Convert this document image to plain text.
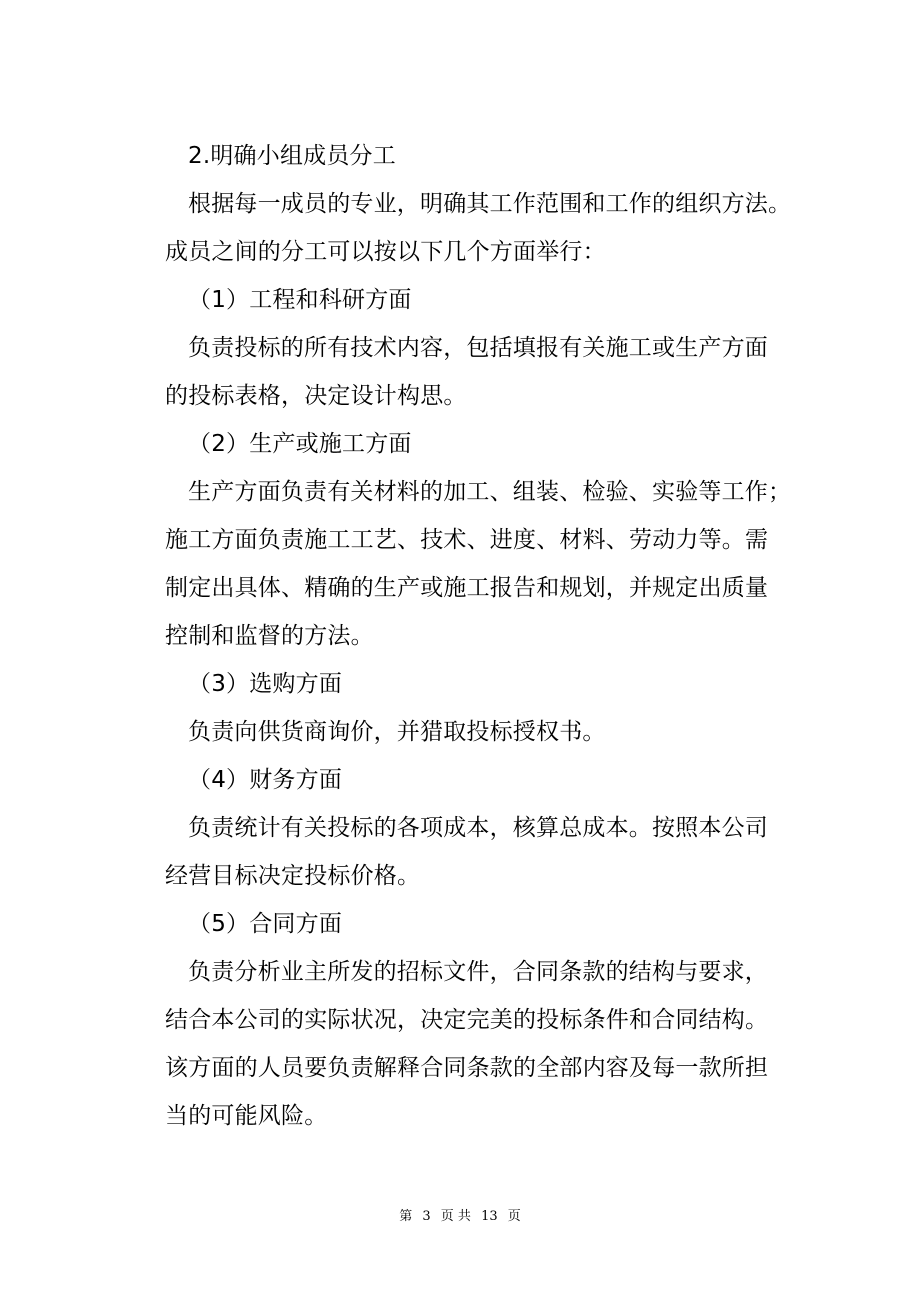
2.明确小组成员分工
根据每一成员的专业，明确其工作范围和工作的组织方法。
成员之间的分工可以按以下几个方面举行：
（1）工程和科研方面
负责投标的所有技术内容，包括填报有关施工或生产方面
的投标表格，决定设计构思。
（2）生产或施工方面
生产方面负责有关材料的加工、组装、检验、实验等工作；
施工方面负责施工工艺、技术、进度、材料、劳动力等。需
制定出具体、精确的生产或施工报告和规划，并规定出质量
控制和监督的方法。
（3）选购方面
负责向供货商询价，并猎取投标授权书。
（4）财务方面
负责统计有关投标的各项成本，核算总成本。按照本公司
经营目标决定投标价格。
（5）合同方面
负责分析业主所发的招标文件，合同条款的结构与要求，
结合本公司的实际状况，决定完美的投标条件和合同结构。
该方面的人员要负责解释合同条款的全部内容及每一款所担
当的可能风险。
第 3 页 共 13 页
